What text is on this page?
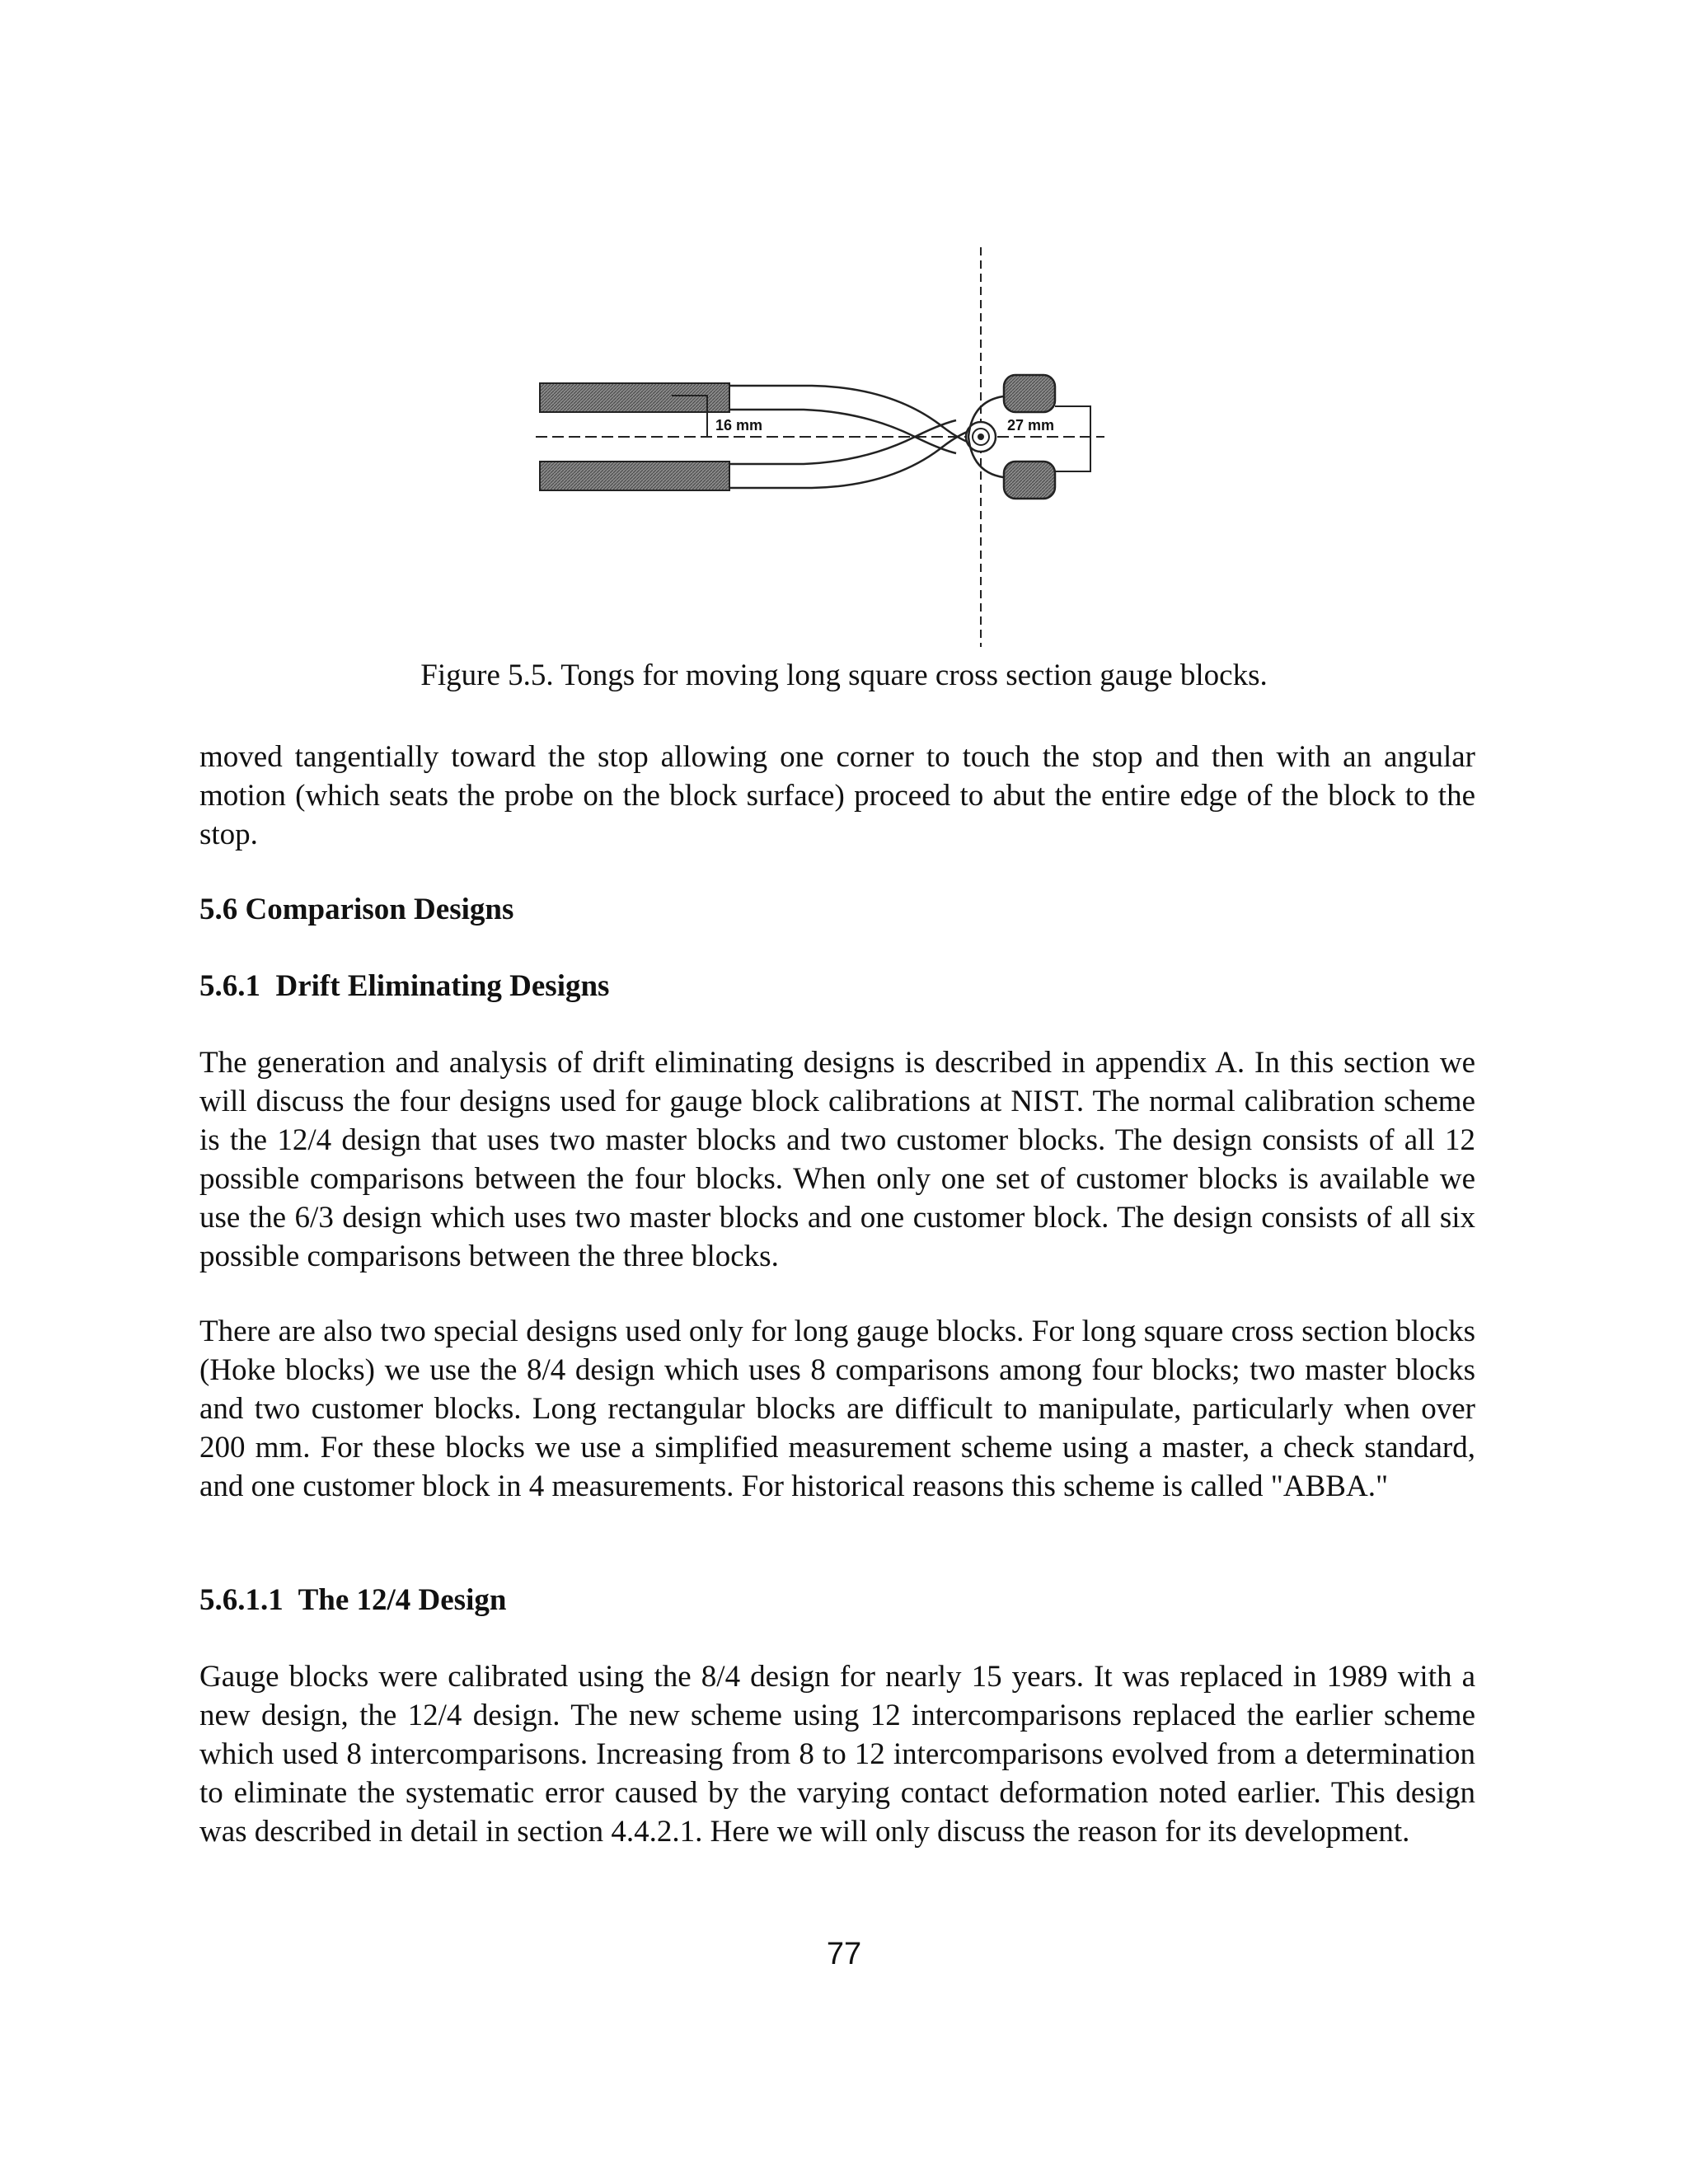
16 mm	27 mm
Figure 5.5. Tongs for moving long square cross section gauge blocks.
moved tangentially toward the stop allowing one corner to touch the stop and then with an angular motion (which seats the probe on the block surface) proceed to abut the entire edge of the block to the stop.
5.6 Comparison Designs
5.6.1  Drift Eliminating Designs
The generation and analysis of drift eliminating designs is described in appendix A. In this section we will discuss the four designs used for gauge block calibrations at NIST. The normal calibration scheme is the 12/4 design that uses two master blocks and two customer blocks. The design consists of all 12 possible comparisons between the four blocks. When only one set of customer blocks is available we use the 6/3 design which uses two master blocks and one customer block. The design consists of all six possible comparisons between the three blocks.
There are also two special designs used only for long gauge blocks. For long square cross section blocks (Hoke blocks) we use the 8/4 design which uses 8 comparisons among four blocks; two master blocks and two customer blocks. Long rectangular blocks are difficult to manipulate, particularly when over 200 mm. For these blocks we use a simplified measurement scheme using a master, a check standard, and one customer block in 4 measurements. For historical reasons this scheme is called "ABBA."
5.6.1.1  The 12/4 Design
Gauge blocks were calibrated using the 8/4 design for nearly 15 years. It was replaced in 1989 with a new design, the 12/4 design. The new scheme using 12 intercomparisons replaced the earlier scheme which used 8 intercomparisons. Increasing from 8 to 12 intercomparisons evolved from a determination to eliminate the systematic error caused by the varying contact deformation noted earlier. This design was described in detail in section 4.4.2.1. Here we will only discuss the reason for its development.
77
